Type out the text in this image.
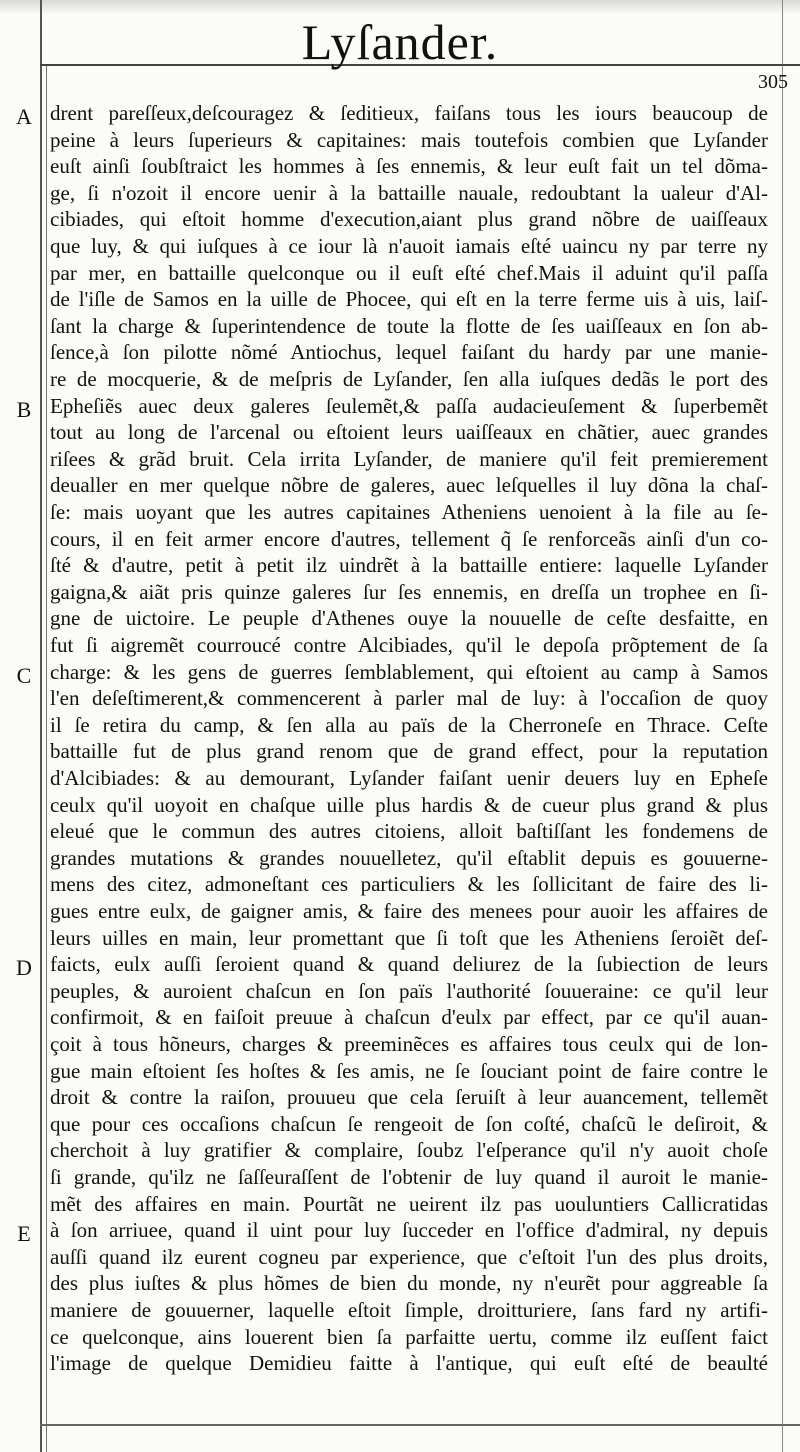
Lyſander.
305
drent pareſſeux,deſcouragez & ſeditieux, faiſans tous les iours beaucoup de
peine à leurs ſuperieurs & capitaines: mais toutefois combien que Lyſander
euſt ainſi ſoubſtraict les hommes à ſes ennemis, & leur euſt fait un tel dõma-
ge, ſi n'ozoit il encore uenir à la battaille nauale, redoubtant la ualeur d'Al-
cibiades, qui eſtoit homme d'execution,aiant plus grand nõbre de uaiſſeaux
que luy, & qui iuſques à ce iour là n'auoit iamais eſté uaincu ny par terre ny
par mer, en battaille quelconque ou il euſt eſté chef.Mais il aduint qu'il paſſa
de l'iſle de Samos en la uille de Phocee, qui eſt en la terre ferme uis à uis, laiſ-
ſant la charge & ſuperintendence de toute la flotte de ſes uaiſſeaux en ſon ab-
ſence,à ſon pilotte nõmé Antiochus, lequel faiſant du hardy par une manie-
re de mocquerie, & de meſpris de Lyſander, ſen alla iuſques dedãs le port des
Epheſiẽs auec deux galeres ſeulemẽt,& paſſa audacieuſement & ſuperbemẽt
tout au long de l'arcenal ou eſtoient leurs uaiſſeaux en chãtier, auec grandes
riſees & grãd bruit. Cela irrita Lyſander, de maniere qu'il feit premierement
deualler en mer quelque nõbre de galeres, auec leſquelles il luy dõna la chaſ-
ſe: mais uoyant que les autres capitaines Atheniens uenoient à la file au ſe-
cours, il en feit armer encore d'autres, tellement q̃ ſe renforceãs ainſi d'un co-
ſté & d'autre, petit à petit ilz uindrẽt à la battaille entiere: laquelle Lyſander
gaigna,& aiãt pris quinze galeres ſur ſes ennemis, en dreſſa un trophee en ſi-
gne de uictoire. Le peuple d'Athenes ouye la nouuelle de ceſte desfaitte, en
fut ſi aigremẽt courroucé contre Alcibiades, qu'il le depoſa prõptement de ſa
charge: & les gens de guerres ſemblablement, qui eſtoient au camp à Samos
l'en deſeſtimerent,& commencerent à parler mal de luy: à l'occaſion de quoy
il ſe retira du camp, & ſen alla au païs de la Cherroneſe en Thrace. Ceſte
battaille fut de plus grand renom que de grand effect, pour la reputation
d'Alcibiades: & au demourant, Lyſander faiſant uenir deuers luy en Epheſe
ceulx qu'il uoyoit en chaſque uille plus hardis & de cueur plus grand & plus
eleué que le commun des autres citoiens, alloit baſtiſſant les fondemens de
grandes mutations & grandes nouuelletez, qu'il eſtablit depuis es gouuerne-
mens des citez, admoneſtant ces particuliers & les ſollicitant de faire des li-
gues entre eulx, de gaigner amis, & faire des menees pour auoir les affaires de
leurs uilles en main, leur promettant que ſi toſt que les Atheniens ſeroiẽt deſ-
faicts, eulx auſſi ſeroient quand & quand deliurez de la ſubiection de leurs
peuples, & auroient chaſcun en ſon païs l'authorité ſouueraine: ce qu'il leur
confirmoit, & en faiſoit preuue à chaſcun d'eulx par effect, par ce qu'il auan-
çoit à tous hõneurs, charges & preeminẽces es affaires tous ceulx qui de lon-
gue main eſtoient ſes hoſtes & ſes amis, ne ſe ſouciant point de faire contre le
droit & contre la raiſon, prouueu que cela ſeruiſt à leur auancement, tellemẽt
que pour ces occaſions chaſcun ſe rengeoit de ſon coſté, chaſcũ le deſiroit, &
cherchoit à luy gratifier & complaire, ſoubz l'eſperance qu'il n'y auoit choſe
ſi grande, qu'ilz ne ſaſſeuraſſent de l'obtenir de luy quand il auroit le manie-
mẽt des affaires en main. Pourtãt ne ueirent ilz pas uouluntiers Callicratidas
à ſon arriuee, quand il uint pour luy ſucceder en l'office d'admiral, ny depuis
auſſi quand ilz eurent cogneu par experience, que c'eſtoit l'un des plus droits,
des plus iuſtes & plus hõmes de bien du monde, ny n'eurẽt pour aggreable ſa
maniere de gouuerner, laquelle eſtoit ſimple, droitturiere, ſans fard ny artifi-
ce quelconque, ains louerent bien ſa parfaitte uertu, comme ilz euſſent faict
l'image de quelque Demidieu faitte à l'antique, qui euſt eſté de beaulté
A
B
C
D
E
